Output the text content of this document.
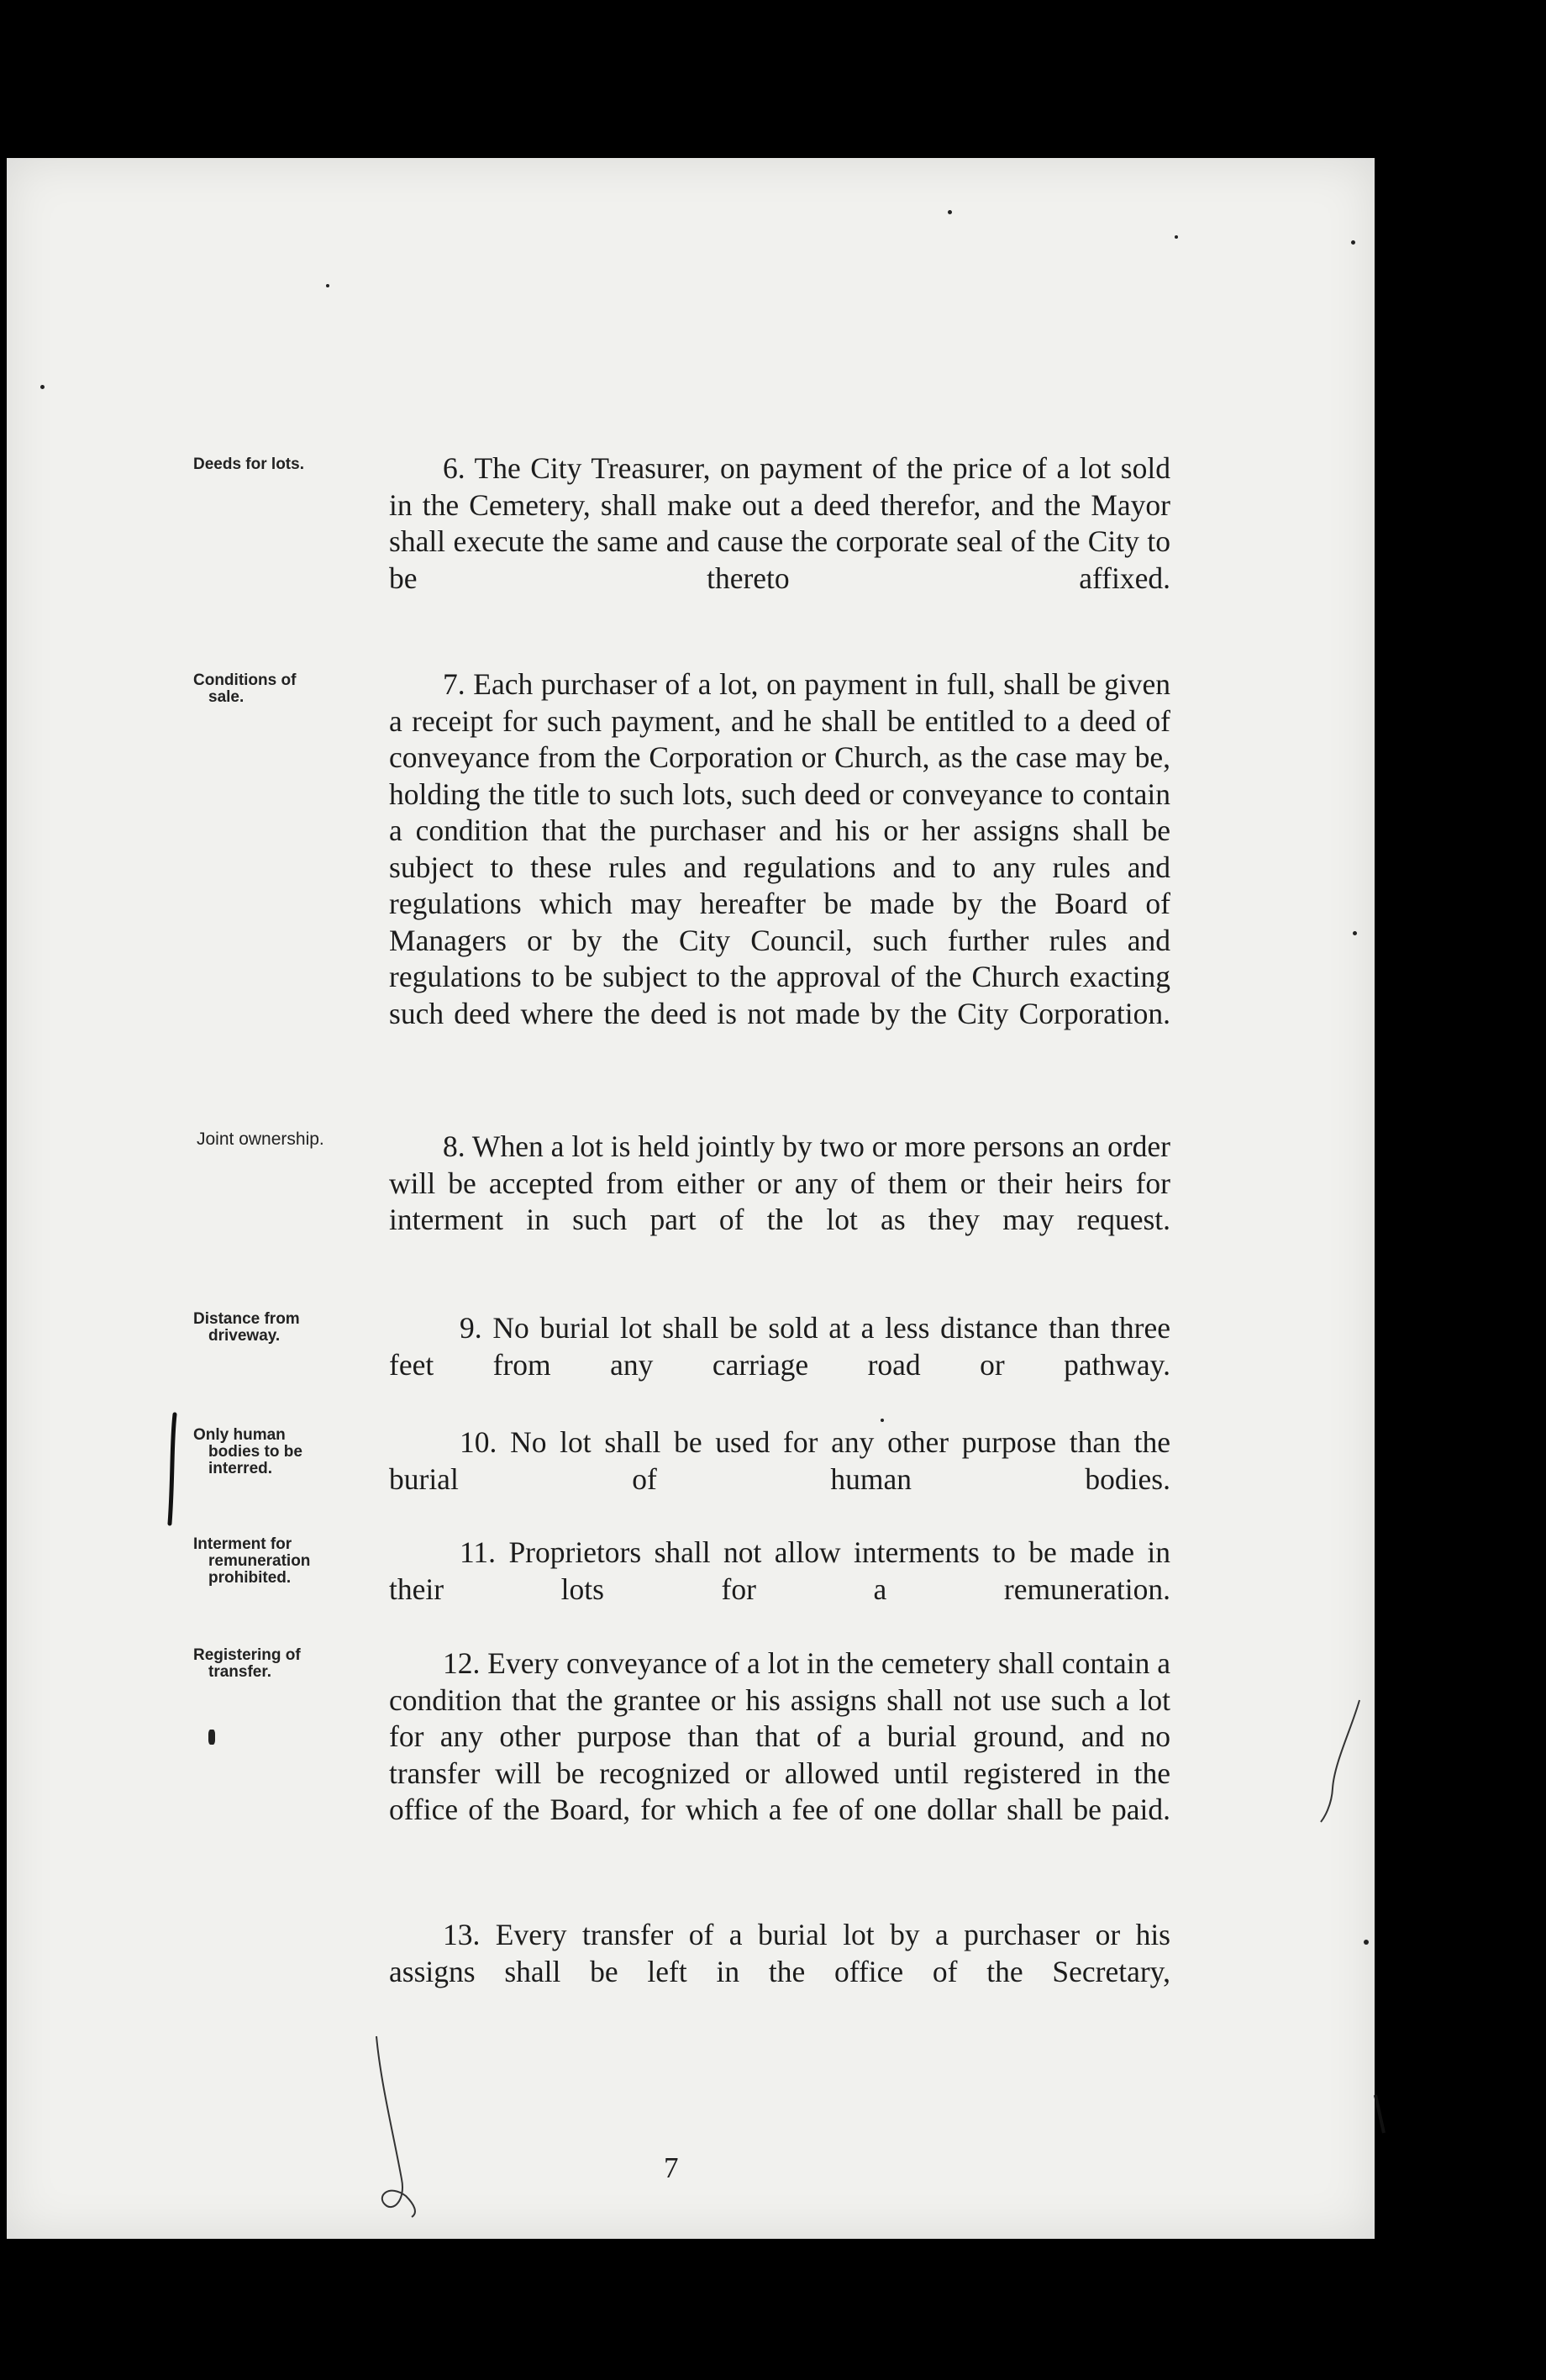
Deeds for lots.

Conditions of
sale.

Joint ownership.

Distance from
driveway.

Only human
bodies to be interred.

Interment for
remuneration prohibited.

Registering of
transfer.

6. The City Treasurer, on payment of the price of a lot sold in the Cemetery, shall make out a deed therefor, and the Mayor shall execute the same and cause the corporate seal of the City to be thereto affixed.

7. Each purchaser of a lot, on payment in full, shall be given a receipt for such payment, and he shall be entitled to a deed of conveyance from the Corporation or Church, as the case may be, holding the title to such lots, such deed or conveyance to contain a condition that the purchaser and his or her assigns shall be subject to these rules and regulations and to any rules and regulations which may hereafter be made by the Board of Managers or by the City Council, such further rules and regulations to be subject to the approval of the Church exacting such deed where the deed is not made by the City Corporation.

8. When a lot is held jointly by two or more persons an order will be accepted from either or any of them or their heirs for interment in such part of the lot as they may request.

9. No burial lot shall be sold at a less distance than three feet from any carriage road or pathway.

10. No lot shall be used for any other purpose than the burial of human bodies.

11. Proprietors shall not allow interments to be made in their lots for a remuneration.

12. Every conveyance of a lot in the cemetery shall contain a condition that the grantee or his assigns shall not use such a lot for any other purpose than that of a burial ground, and no transfer will be recognized or allowed until registered in the office of the Board, for which a fee of one dollar shall be paid.

13. Every transfer of a burial lot by a purchaser or his assigns shall be left in the office of the Secretary,

7
